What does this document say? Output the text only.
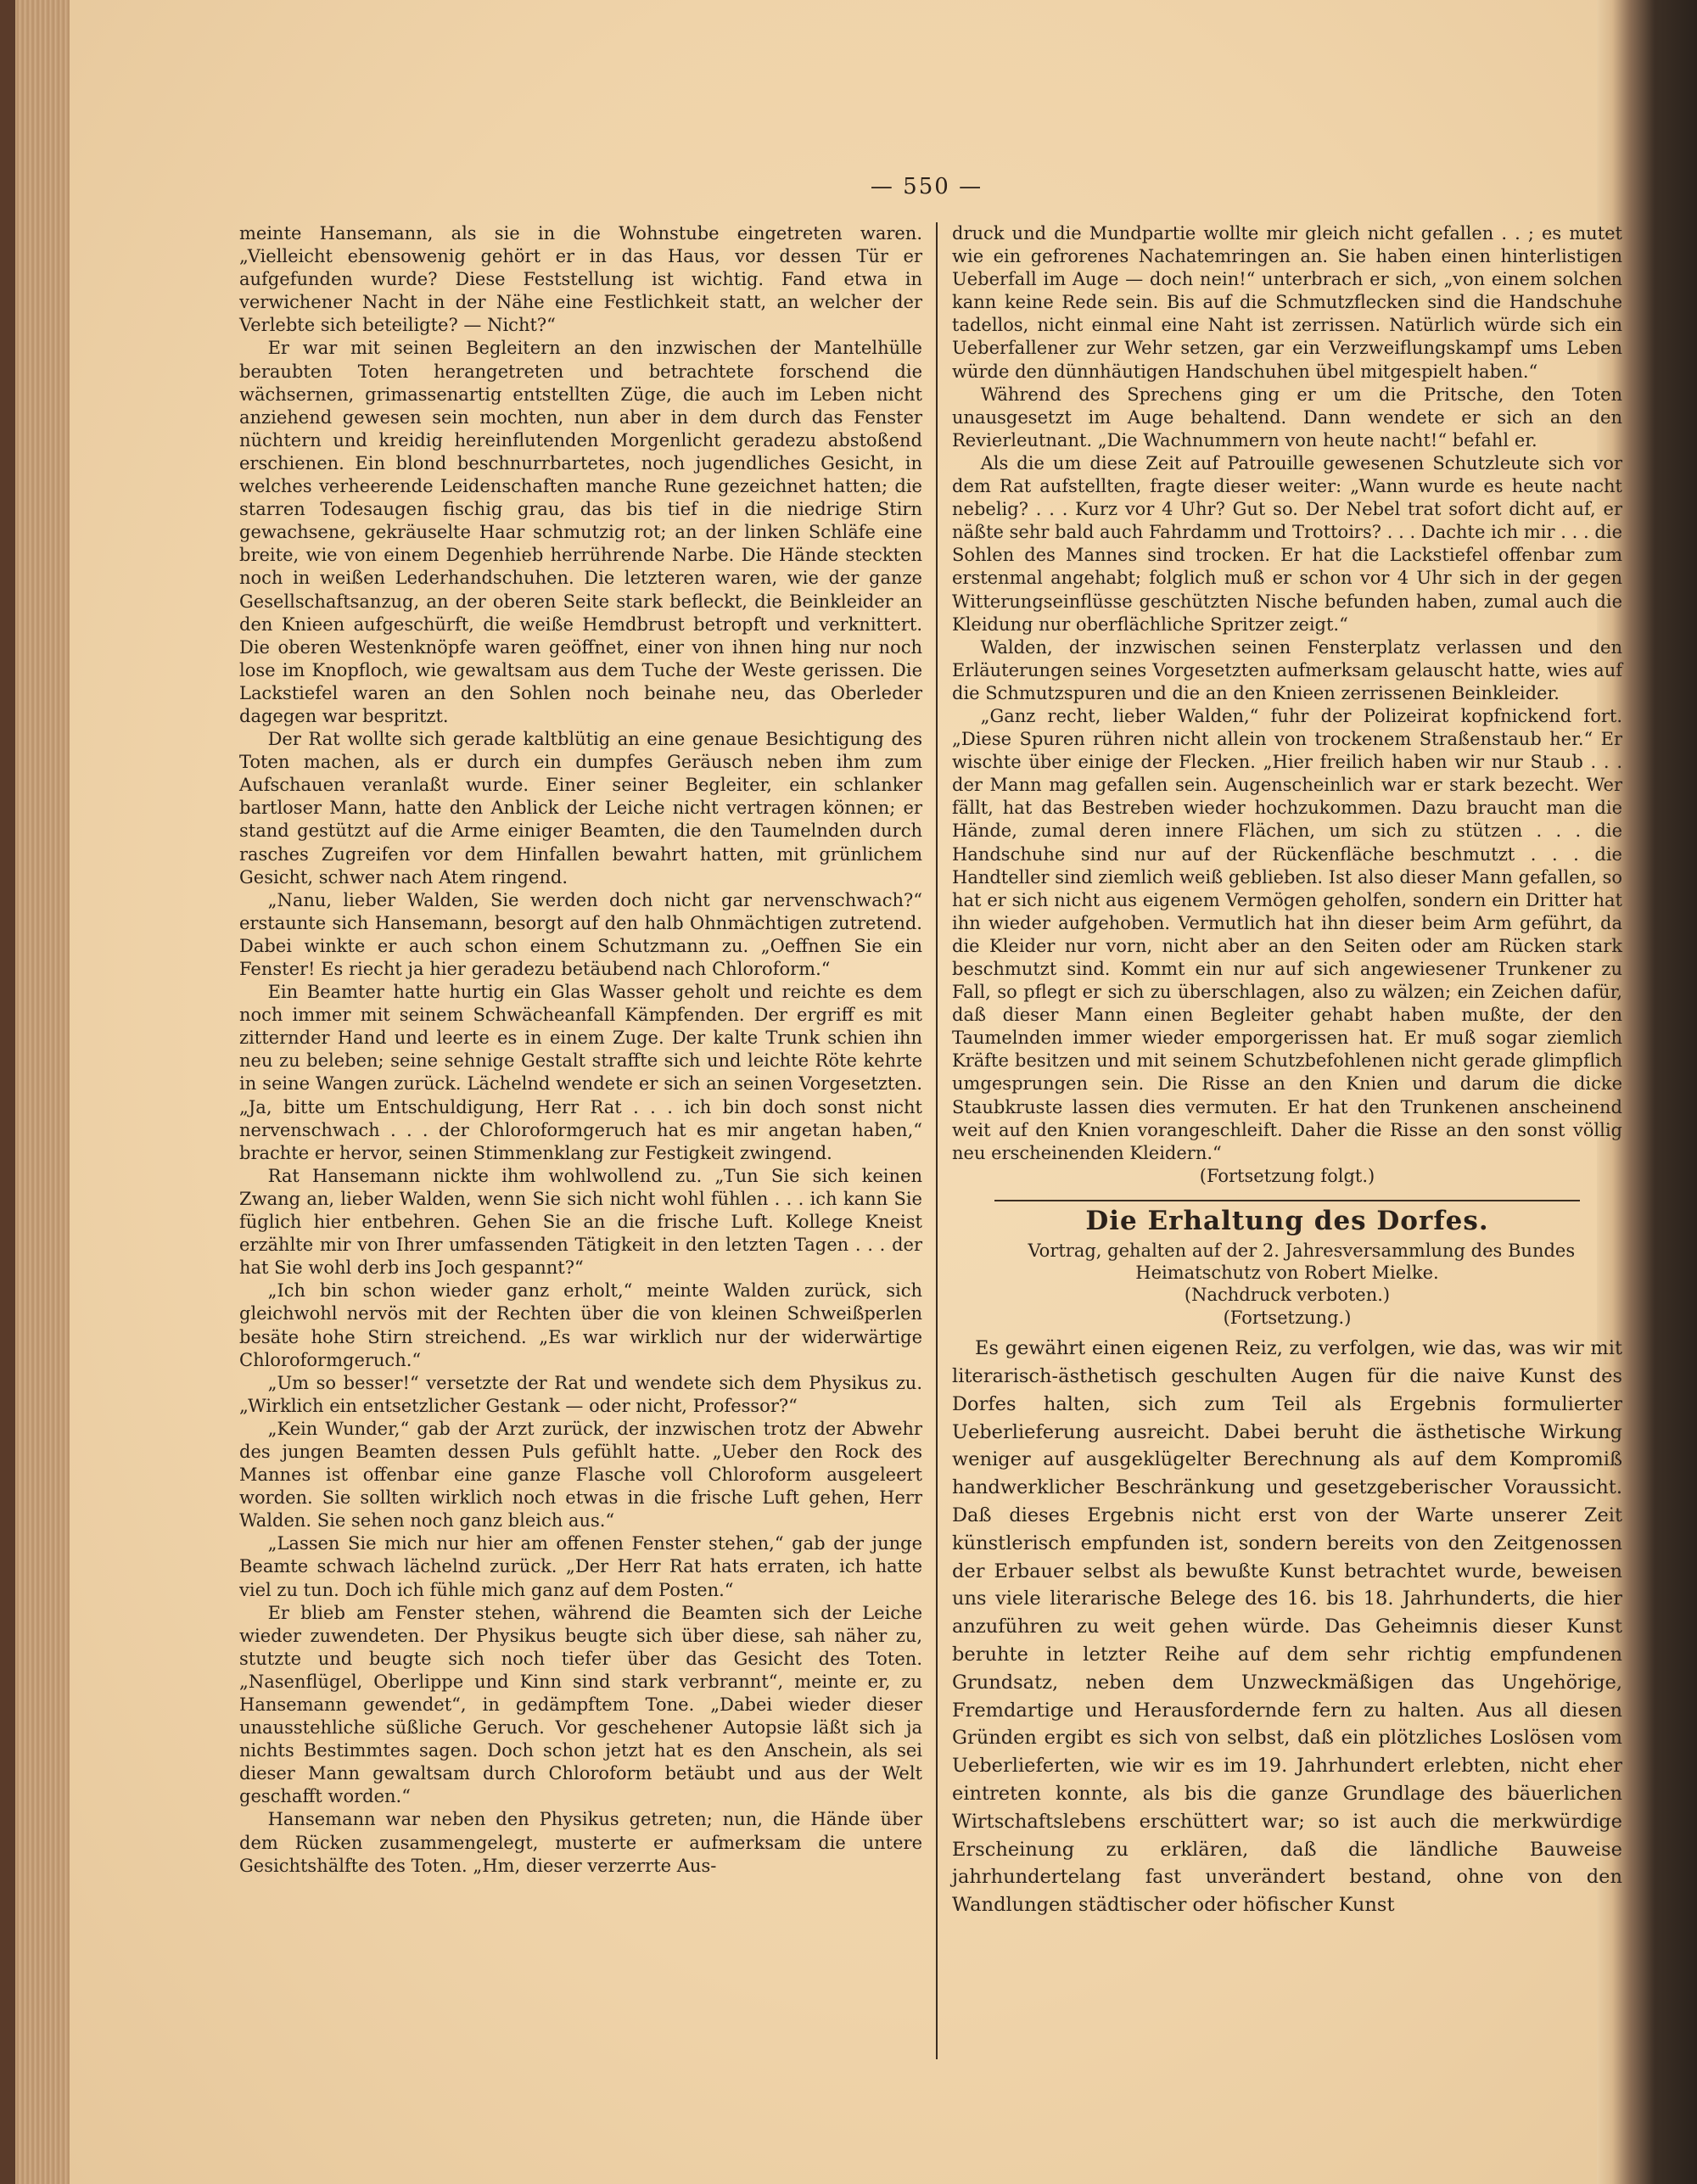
— 550 —

meinte Hansemann, als sie in die Wohnstube eingetreten waren. „Vielleicht ebensowenig gehört er in das Haus, vor dessen Tür er aufgefunden wurde? Diese Feststellung ist wichtig. Fand etwa in verwichener Nacht in der Nähe eine Festlichkeit statt, an welcher der Verlebte sich beteiligte? — Nicht?“

Er war mit seinen Begleitern an den inzwischen der Mantelhülle beraubten Toten herangetreten und betrachtete forschend die wächsernen, grimassenartig entstellten Züge, die auch im Leben nicht anziehend gewesen sein mochten, nun aber in dem durch das Fenster nüchtern und kreidig hereinflutenden Morgenlicht geradezu abstoßend erschienen. Ein blond beschnurrbartetes, noch jugendliches Gesicht, in welches verheerende Leidenschaften manche Rune gezeichnet hatten; die starren Todesaugen fischig grau, das bis tief in die niedrige Stirn gewachsene, gekräuselte Haar schmutzig rot; an der linken Schläfe eine breite, wie von einem Degenhieb herrührende Narbe. Die Hände steckten noch in weißen Lederhandschuhen. Die letzteren waren, wie der ganze Gesellschaftsanzug, an der oberen Seite stark befleckt, die Beinkleider an den Knieen aufgeschürft, die weiße Hemdbrust betropft und verknittert. Die oberen Westenknöpfe waren geöffnet, einer von ihnen hing nur noch lose im Knopfloch, wie gewaltsam aus dem Tuche der Weste gerissen. Die Lackstiefel waren an den Sohlen noch beinahe neu, das Oberleder dagegen war bespritzt.

Der Rat wollte sich gerade kaltblütig an eine genaue Besichtigung des Toten machen, als er durch ein dumpfes Geräusch neben ihm zum Aufschauen veranlaßt wurde. Einer seiner Begleiter, ein schlanker bartloser Mann, hatte den Anblick der Leiche nicht vertragen können; er stand gestützt auf die Arme einiger Beamten, die den Taumelnden durch rasches Zugreifen vor dem Hinfallen bewahrt hatten, mit grünlichem Gesicht, schwer nach Atem ringend.

„Nanu, lieber Walden, Sie werden doch nicht gar nervenschwach?“ erstaunte sich Hansemann, besorgt auf den halb Ohnmächtigen zutretend. Dabei winkte er auch schon einem Schutzmann zu. „Oeffnen Sie ein Fenster! Es riecht ja hier geradezu betäubend nach Chloroform.“

Ein Beamter hatte hurtig ein Glas Wasser geholt und reichte es dem noch immer mit seinem Schwächeanfall Kämpfenden. Der ergriff es mit zitternder Hand und leerte es in einem Zuge. Der kalte Trunk schien ihn neu zu beleben; seine sehnige Gestalt straffte sich und leichte Röte kehrte in seine Wangen zurück. Lächelnd wendete er sich an seinen Vorgesetzten. „Ja, bitte um Entschuldigung, Herr Rat . . . ich bin doch sonst nicht nervenschwach . . . der Chloroformgeruch hat es mir angetan haben,“ brachte er hervor, seinen Stimmenklang zur Festigkeit zwingend.

Rat Hansemann nickte ihm wohlwollend zu. „Tun Sie sich keinen Zwang an, lieber Walden, wenn Sie sich nicht wohl fühlen . . . ich kann Sie füglich hier entbehren. Gehen Sie an die frische Luft. Kollege Kneist erzählte mir von Ihrer umfassenden Tätigkeit in den letzten Tagen . . . der hat Sie wohl derb ins Joch gespannt?“

„Ich bin schon wieder ganz erholt,“ meinte Walden zurück, sich gleichwohl nervös mit der Rechten über die von kleinen Schweißperlen besäte hohe Stirn streichend. „Es war wirklich nur der widerwärtige Chloroformgeruch.“

„Um so besser!“ versetzte der Rat und wendete sich dem Physikus zu. „Wirklich ein entsetzlicher Gestank — oder nicht, Professor?“

„Kein Wunder,“ gab der Arzt zurück, der inzwischen trotz der Abwehr des jungen Beamten dessen Puls gefühlt hatte. „Ueber den Rock des Mannes ist offenbar eine ganze Flasche voll Chloroform ausgeleert worden. Sie sollten wirklich noch etwas in die frische Luft gehen, Herr Walden. Sie sehen noch ganz bleich aus.“

„Lassen Sie mich nur hier am offenen Fenster stehen,“ gab der junge Beamte schwach lächelnd zurück. „Der Herr Rat hats erraten, ich hatte viel zu tun. Doch ich fühle mich ganz auf dem Posten.“

Er blieb am Fenster stehen, während die Beamten sich der Leiche wieder zuwendeten. Der Physikus beugte sich über diese, sah näher zu, stutzte und beugte sich noch tiefer über das Gesicht des Toten. „Nasenflügel, Oberlippe und Kinn sind stark verbrannt“, meinte er, zu Hansemann gewendet“, in gedämpftem Tone. „Dabei wieder dieser unausstehliche süßliche Geruch. Vor geschehener Autopsie läßt sich ja nichts Bestimmtes sagen. Doch schon jetzt hat es den Anschein, als sei dieser Mann gewaltsam durch Chloroform betäubt und aus der Welt geschafft worden.“

Hansemann war neben den Physikus getreten; nun, die Hände über dem Rücken zusammengelegt, musterte er aufmerksam die untere Gesichtshälfte des Toten. „Hm, dieser verzerrte Aus-

druck und die Mundpartie wollte mir gleich nicht gefallen . . ; es mutet wie ein gefrorenes Nachatemringen an. Sie haben einen hinterlistigen Ueberfall im Auge — doch nein!“ unterbrach er sich, „von einem solchen kann keine Rede sein. Bis auf die Schmutzflecken sind die Handschuhe tadellos, nicht einmal eine Naht ist zerrissen. Natürlich würde sich ein Ueberfallener zur Wehr setzen, gar ein Verzweiflungskampf ums Leben würde den dünnhäutigen Handschuhen übel mitgespielt haben.“

Während des Sprechens ging er um die Pritsche, den Toten unausgesetzt im Auge behaltend. Dann wendete er sich an den Revierleutnant. „Die Wachnummern von heute nacht!“ befahl er.

Als die um diese Zeit auf Patrouille gewesenen Schutzleute sich vor dem Rat aufstellten, fragte dieser weiter: „Wann wurde es heute nacht nebelig? . . . Kurz vor 4 Uhr? Gut so. Der Nebel trat sofort dicht auf, er näßte sehr bald auch Fahrdamm und Trottoirs? . . . Dachte ich mir . . . die Sohlen des Mannes sind trocken. Er hat die Lackstiefel offenbar zum erstenmal angehabt; folglich muß er schon vor 4 Uhr sich in der gegen Witterungseinflüsse geschützten Nische befunden haben, zumal auch die Kleidung nur oberflächliche Spritzer zeigt.“

Walden, der inzwischen seinen Fensterplatz verlassen und den Erläuterungen seines Vorgesetzten aufmerksam gelauscht hatte, wies auf die Schmutzspuren und die an den Knieen zerrissenen Beinkleider.

„Ganz recht, lieber Walden,“ fuhr der Polizeirat kopfnickend fort. „Diese Spuren rühren nicht allein von trockenem Straßenstaub her.“ Er wischte über einige der Flecken. „Hier freilich haben wir nur Staub . . . der Mann mag gefallen sein. Augenscheinlich war er stark bezecht. Wer fällt, hat das Bestreben wieder hochzukommen. Dazu braucht man die Hände, zumal deren innere Flächen, um sich zu stützen . . . die Handschuhe sind nur auf der Rückenfläche beschmutzt . . . die Handteller sind ziemlich weiß geblieben. Ist also dieser Mann gefallen, so hat er sich nicht aus eigenem Vermögen geholfen, sondern ein Dritter hat ihn wieder aufgehoben. Vermutlich hat ihn dieser beim Arm geführt, da die Kleider nur vorn, nicht aber an den Seiten oder am Rücken stark beschmutzt sind. Kommt ein nur auf sich angewiesener Trunkener zu Fall, so pflegt er sich zu überschlagen, also zu wälzen; ein Zeichen dafür, daß dieser Mann einen Begleiter gehabt haben mußte, der den Taumelnden immer wieder emporgerissen hat. Er muß sogar ziemlich Kräfte besitzen und mit seinem Schutzbefohlenen nicht gerade glimpflich umgesprungen sein. Die Risse an den Knien und darum die dicke Staubkruste lassen dies vermuten. Er hat den Trunkenen anscheinend weit auf den Knien vorangeschleift. Daher die Risse an den sonst völlig neu erscheinenden Kleidern.“

(Fortsetzung folgt.)

Die Erhaltung des Dorfes.

Vortrag, gehalten auf der 2. Jahresversammlung des Bundes Heimatschutz von Robert Mielke.

(Nachdruck verboten.)

(Fortsetzung.)

Es gewährt einen eigenen Reiz, zu verfolgen, wie das, was wir mit literarisch-ästhetisch geschulten Augen für die naive Kunst des Dorfes halten, sich zum Teil als Ergebnis formulierter Ueberlieferung ausreicht. Dabei beruht die ästhetische Wirkung weniger auf ausgeklügelter Berechnung als auf dem Kompromiß handwerklicher Beschränkung und gesetzgeberischer Voraussicht. Daß dieses Ergebnis nicht erst von der Warte unserer Zeit künstlerisch empfunden ist, sondern bereits von den Zeitgenossen der Erbauer selbst als bewußte Kunst betrachtet wurde, beweisen uns viele literarische Belege des 16. bis 18. Jahrhunderts, die hier anzuführen zu weit gehen würde. Das Geheimnis dieser Kunst beruhte in letzter Reihe auf dem sehr richtig empfundenen Grundsatz, neben dem Unzweckmäßigen das Ungehörige, Fremdartige und Herausfordernde fern zu halten. Aus all diesen Gründen ergibt es sich von selbst, daß ein plötzliches Loslösen vom Ueberlieferten, wie wir es im 19. Jahrhundert erlebten, nicht eher eintreten konnte, als bis die ganze Grundlage des bäuerlichen Wirtschaftslebens erschüttert war; so ist auch die merkwürdige Erscheinung zu erklären, daß die ländliche Bauweise jahrhundertelang fast unverändert bestand, ohne von den Wandlungen städtischer oder höfischer Kunst
